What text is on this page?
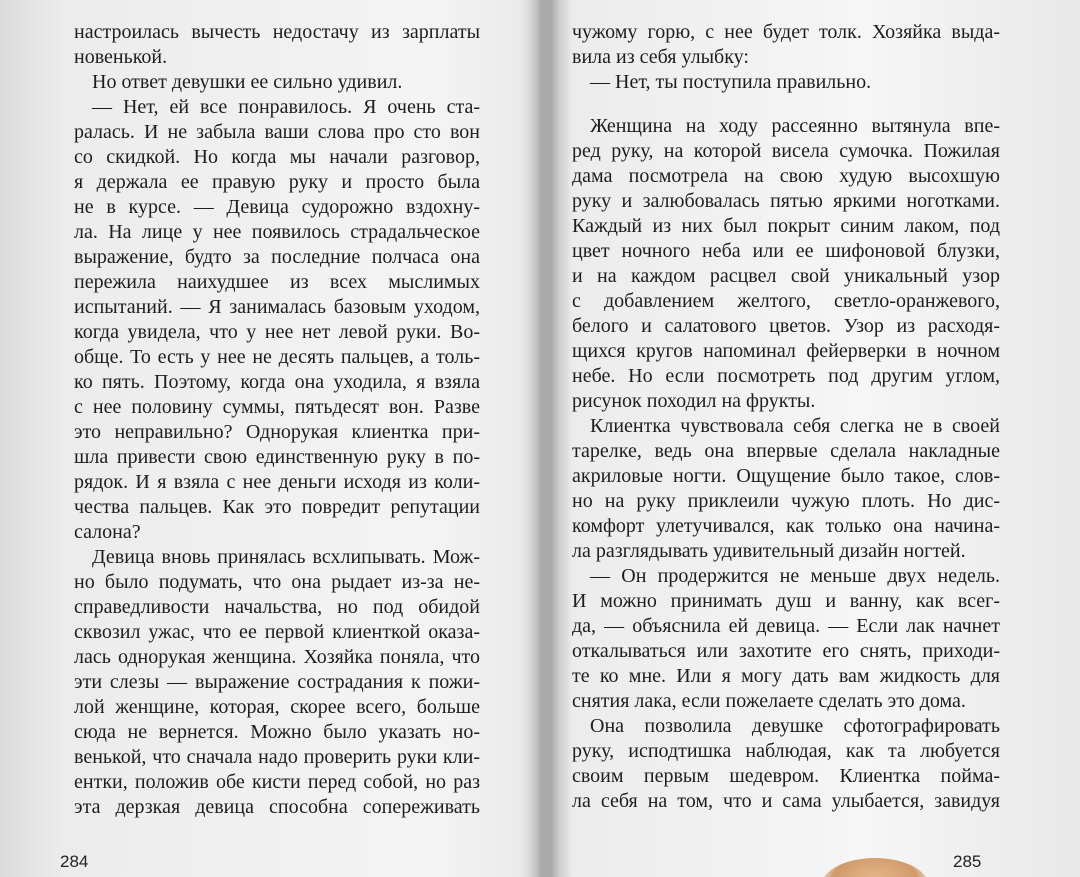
настроилась вычесть недостачу из зарплаты
новенькой.
Но ответ девушки ее сильно удивил.
— Нет, ей все понравилось. Я очень ста-
ралась. И не забыла ваши слова про сто вон
со скидкой. Но когда мы начали разговор,
я держала ее правую руку и просто была
не в курсе. — Девица судорожно вздохну-
ла. На лице у нее появилось страдальческое
выражение, будто за последние полчаса она
пережила наихудшее из всех мыслимых
испытаний. — Я занималась базовым уходом,
когда увидела, что у нее нет левой руки. Во-
обще. То есть у нее не десять пальцев, а толь-
ко пять. Поэтому, когда она уходила, я взяла
с нее половину суммы, пятьдесят вон. Разве
это неправильно? Однорукая клиентка при-
шла привести свою единственную руку в по-
рядок. И я взяла с нее деньги исходя из коли-
чества пальцев. Как это повредит репутации
салона?
Девица вновь принялась всхлипывать. Мож-
но было подумать, что она рыдает из-за не-
справедливости начальства, но под обидой
сквозил ужас, что ее первой клиенткой оказа-
лась однорукая женщина. Хозяйка поняла, что
эти слезы — выражение сострадания к пожи-
лой женщине, которая, скорее всего, больше
сюда не вернется. Можно было указать но-
венькой, что сначала надо проверить руки кли-
ентки, положив обе кисти перед собой, но раз
эта дерзкая девица способна сопереживать
284
чужому горю, с нее будет толк. Хозяйка выда-
вила из себя улыбку:
— Нет, ты поступила правильно.
Женщина на ходу рассеянно вытянула впе-
ред руку, на которой висела сумочка. Пожилая
дама посмотрела на свою худую высохшую
руку и залюбовалась пятью яркими ноготками.
Каждый из них был покрыт синим лаком, под
цвет ночного неба или ее шифоновой блузки,
и на каждом расцвел свой уникальный узор
с добавлением желтого, светло-оранжевого,
белого и салатового цветов. Узор из расходя-
щихся кругов напоминал фейерверки в ночном
небе. Но если посмотреть под другим углом,
рисунок походил на фрукты.
Клиентка чувствовала себя слегка не в своей
тарелке, ведь она впервые сделала накладные
акриловые ногти. Ощущение было такое, слов-
но на руку приклеили чужую плоть. Но дис-
комфорт улетучивался, как только она начина-
ла разглядывать удивительный дизайн ногтей.
— Он продержится не меньше двух недель.
И можно принимать душ и ванну, как всег-
да, — объяснила ей девица. — Если лак начнет
откалываться или захотите его снять, приходи-
те ко мне. Или я могу дать вам жидкость для
снятия лака, если пожелаете сделать это дома.
Она позволила девушке сфотографировать
руку, исподтишка наблюдая, как та любуется
своим первым шедевром. Клиентка пойма-
ла себя на том, что и сама улыбается, завидуя
285
